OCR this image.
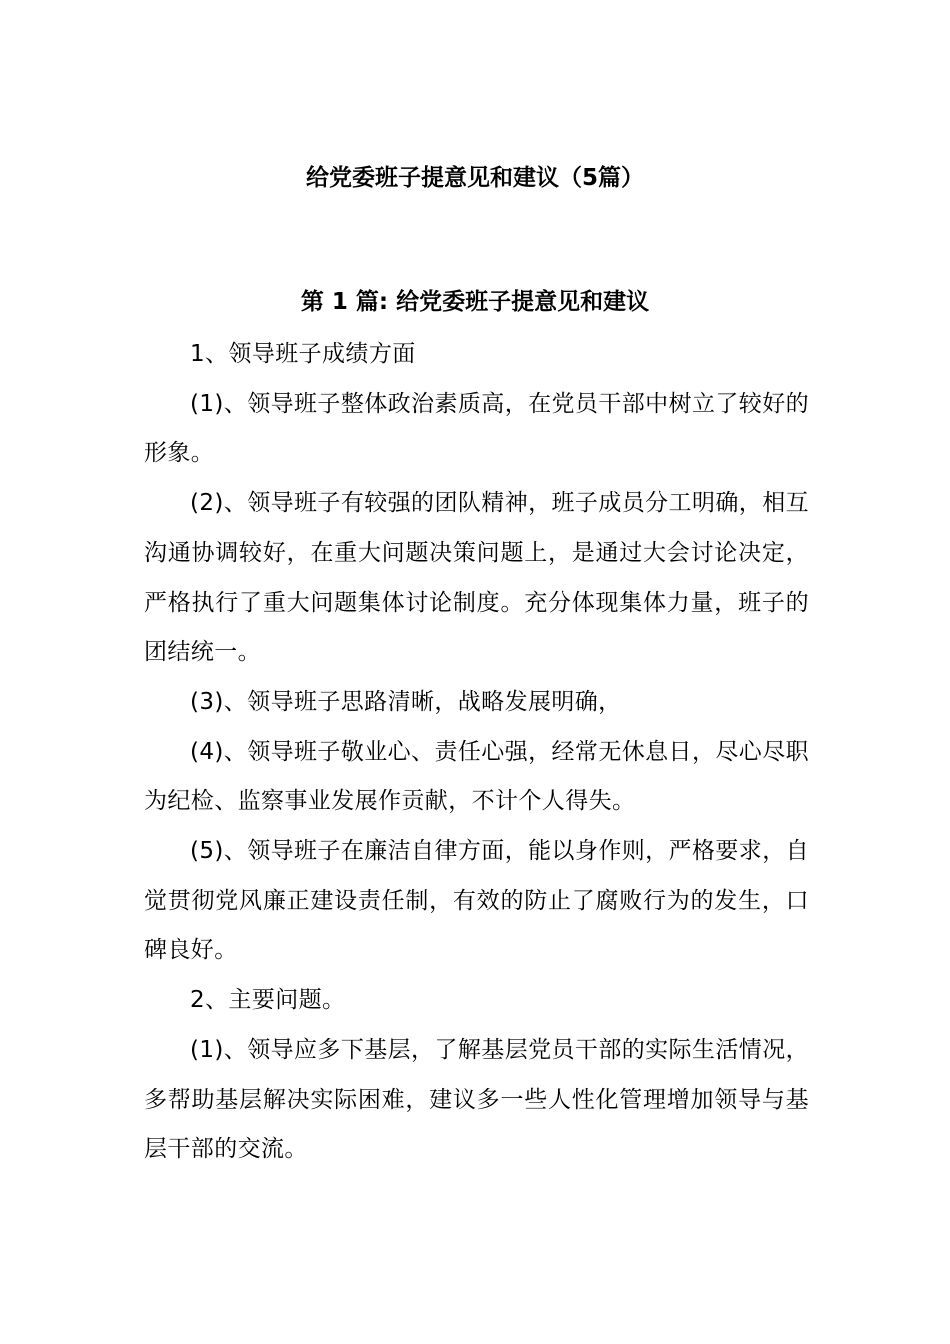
给党委班子提意见和建议（5篇）
第 1 篇: 给党委班子提意见和建议

1、领导班子成绩方面

(1)、领导班子整体政治素质高，在党员干部中树立了较好的形象。

(2)、领导班子有较强的团队精神，班子成员分工明确，相互沟通协调较好，在重大问题决策问题上，是通过大会讨论决定，严格执行了重大问题集体讨论制度。充分体现集体力量，班子的团结统一。

(3)、领导班子思路清晰，战略发展明确，

(4)、领导班子敬业心、责任心强，经常无休息日，尽心尽职为纪检、监察事业发展作贡献，不计个人得失。

(5)、领导班子在廉洁自律方面，能以身作则，严格要求，自觉贯彻党风廉正建设责任制，有效的防止了腐败行为的发生，口碑良好。

2、主要问题。

(1)、领导应多下基层，了解基层党员干部的实际生活情况，多帮助基层解决实际困难，建议多一些人性化管理增加领导与基层干部的交流。
